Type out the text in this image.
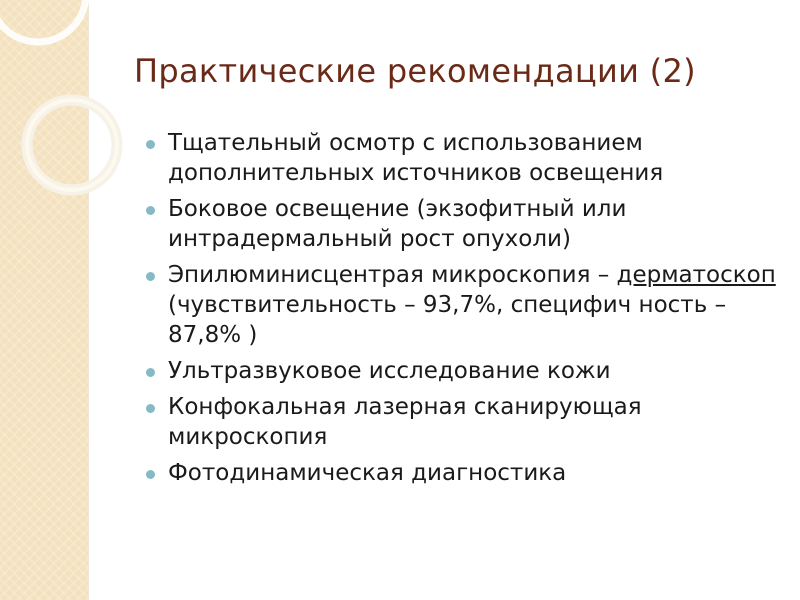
Практические рекомендации (2)
Тщательный осмотр с использованием дополнительных источников освещения
Боковое освещение (экзофитный или интрадермальный рост опухоли)
Эпилюминисцентрая микроскопия – дерматоскоп (чувствительность – 93,7%, специфич ность – 87,8% )
Ультразвуковое исследование кожи
Конфокальная лазерная сканирующая микроскопия
Фотодинамическая диагностика
